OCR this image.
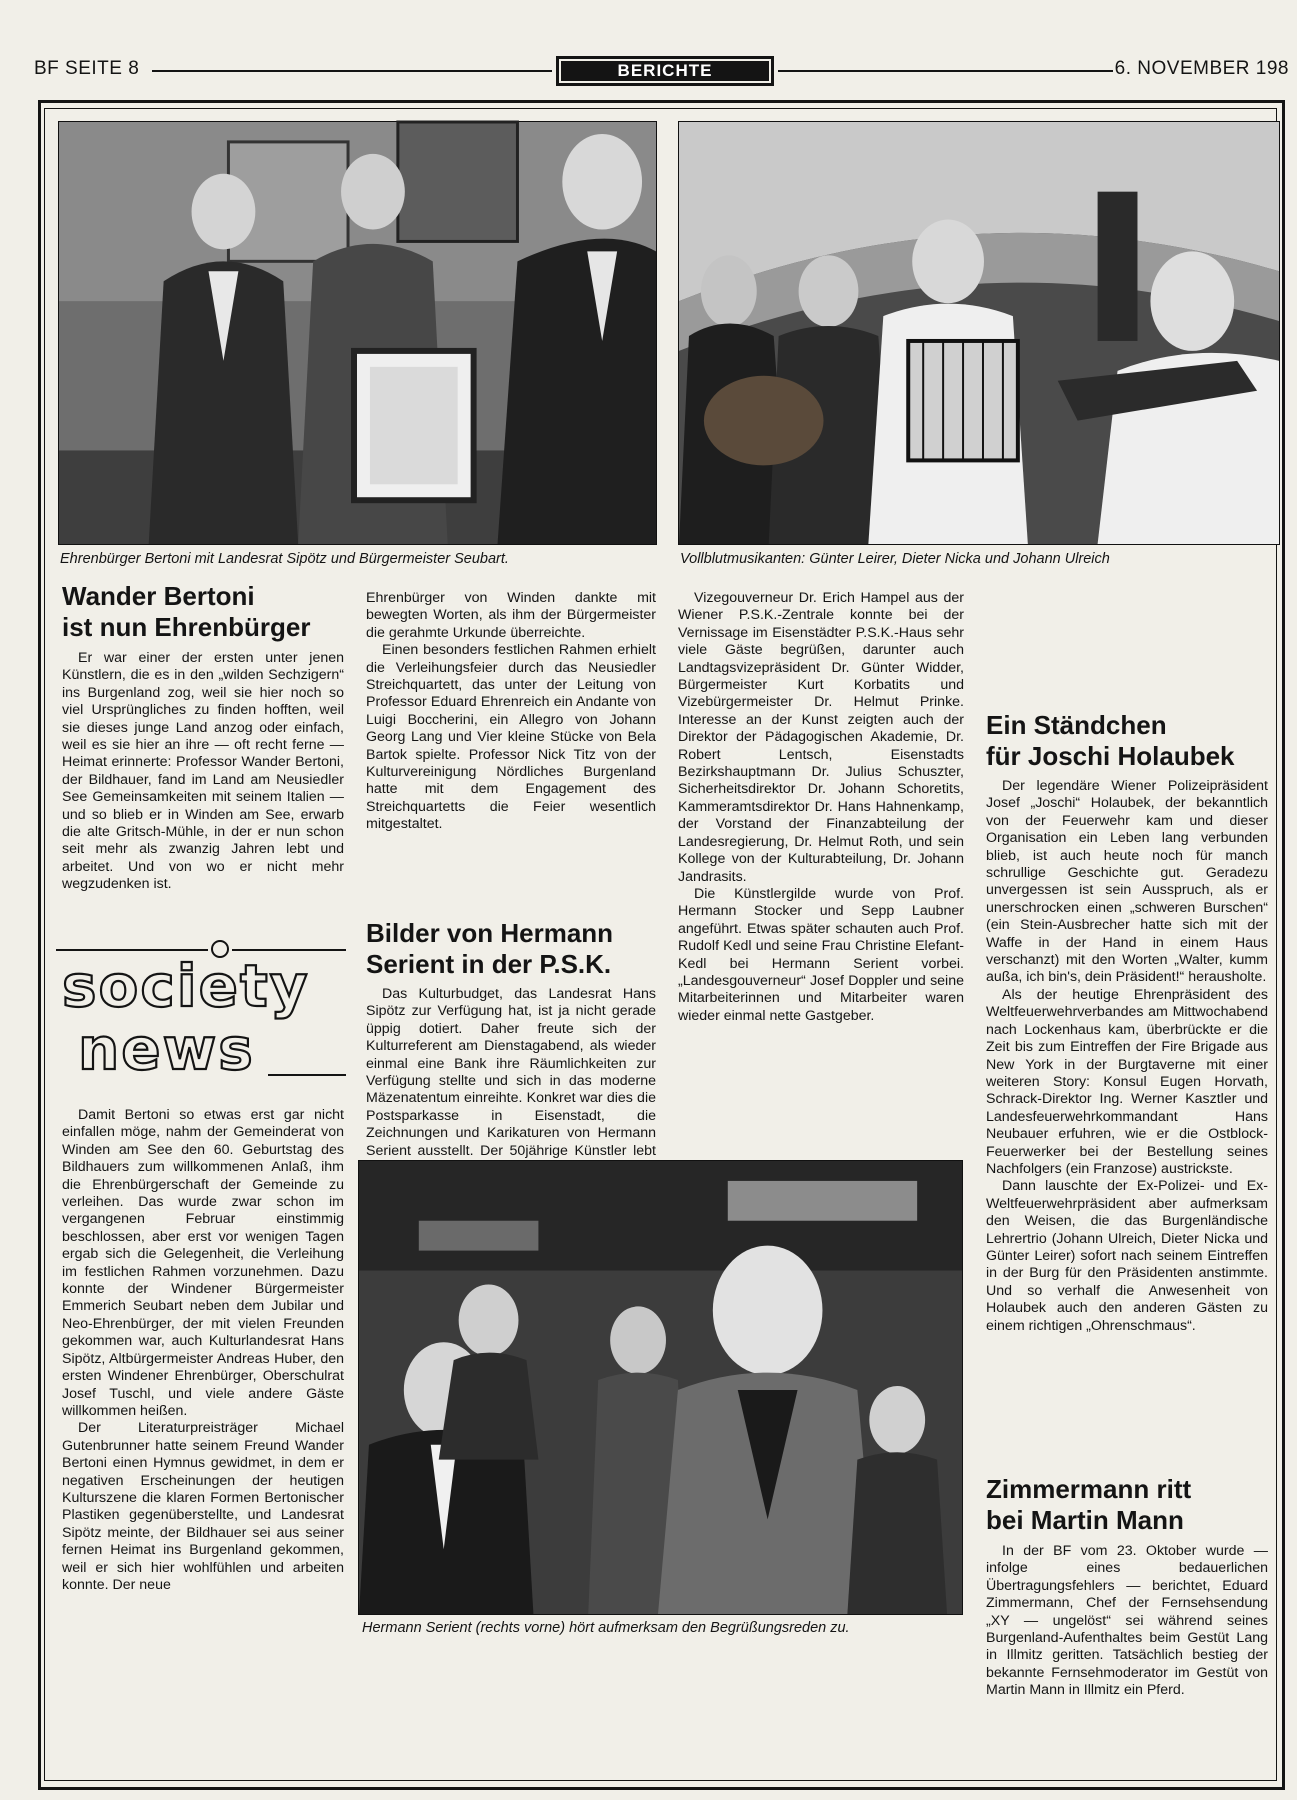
BF SEITE 8	BERICHTE	6. NOVEMBER 198
Ehrenbürger Bertoni mit Landesrat Sipötz und Bürgermeister Seubart.	Vollblutmusikanten: Günter Leirer, Dieter Nicka und Johann Ulreich
Wander Bertoni
ist nun Ehrenbürger

Er war einer der ersten unter jenen Künstlern, die es in den „wilden Sechzigern“ ins Burgenland zog, weil sie hier noch so viel Ursprüngliches zu finden hofften, weil sie dieses junge Land anzog oder einfach, weil es sie hier an ihre — oft recht ferne — Heimat erinnerte: Professor Wander Bertoni, der Bildhauer, fand im Land am Neusiedler See Gemeinsamkeiten mit seinem Italien — und so blieb er in Winden am See, erwarb die alte Gritsch-Mühle, in der er nun schon seit mehr als zwanzig Jahren lebt und arbeitet. Und von wo er nicht mehr wegzudenken ist.

society
news

Damit Bertoni so etwas erst gar nicht einfallen möge, nahm der Gemeinderat von Winden am See den 60. Geburtstag des Bildhauers zum willkommenen Anlaß, ihm die Ehrenbürgerschaft der Gemeinde zu verleihen. Das wurde zwar schon im vergangenen Februar einstimmig beschlossen, aber erst vor wenigen Tagen ergab sich die Gelegenheit, die Verleihung im festlichen Rahmen vorzunehmen. Dazu konnte der Windener Bürgermeister Emmerich Seubart neben dem Jubilar und Neo-Ehrenbürger, der mit vielen Freunden gekommen war, auch Kulturlandesrat Hans Sipötz, Altbürgermeister Andreas Huber, den ersten Windener Ehrenbürger, Oberschulrat Josef Tuschl, und viele andere Gäste willkommen heißen.

Der Literaturpreisträger Michael Gutenbrunner hatte seinem Freund Wander Bertoni einen Hymnus gewidmet, in dem er negativen Erscheinungen der heutigen Kulturszene die klaren Formen Bertonischer Plastiken gegenüberstellte, und Landesrat Sipötz meinte, der Bildhauer sei aus seiner fernen Heimat ins Burgenland gekommen, weil er sich hier wohlfühlen und arbeiten konnte. Der neue

Ehrenbürger von Winden dankte mit bewegten Worten, als ihm der Bürgermeister die gerahmte Urkunde überreichte.

Einen besonders festlichen Rahmen erhielt die Verleihungsfeier durch das Neusiedler Streichquartett, das unter der Leitung von Professor Eduard Ehrenreich ein Andante von Luigi Boccherini, ein Allegro von Johann Georg Lang und Vier kleine Stücke von Bela Bartok spielte. Professor Nick Titz von der Kulturvereinigung Nördliches Burgenland hatte mit dem Engagement des Streichquartetts die Feier wesentlich mitgestaltet.

Bilder von Hermann
Serient in der P.S.K.

Das Kulturbudget, das Landesrat Hans Sipötz zur Verfügung hat, ist ja nicht gerade üppig dotiert. Daher freute sich der Kulturreferent am Dienstagabend, als wieder einmal eine Bank ihre Räumlichkeiten zur Verfügung stellte und sich in das moderne Mäzenatentum einreihte. Konkret war dies die Postsparkasse in Eisenstadt, die Zeichnungen und Karikaturen von Hermann Serient ausstellt. Der 50jährige Künstler lebt

Vizegouverneur Dr. Erich Hampel aus der Wiener P.S.K.-Zentrale konnte bei der Vernissage im Eisenstädter P.S.K.-Haus sehr viele Gäste begrüßen, darunter auch Landtagsvizepräsident Dr. Günter Widder, Bürgermeister Kurt Korbatits und Vizebürgermeister Dr. Helmut Prinke. Interesse an der Kunst zeigten auch der Direktor der Pädagogischen Akademie, Dr. Robert Lentsch, Eisenstadts Bezirkshauptmann Dr. Julius Schuszter, Sicherheitsdirektor Dr. Johann Schoretits, Kammeramtsdirektor Dr. Hans Hahnenkamp, der Vorstand der Finanzabteilung der Landesregierung, Dr. Helmut Roth, und sein Kollege von der Kulturabteilung, Dr. Johann Jandrasits.

Die Künstlergilde wurde von Prof. Hermann Stocker und Sepp Laubner angeführt. Etwas später schauten auch Prof. Rudolf Kedl und seine Frau Christine Elefant-Kedl bei Hermann Serient vorbei. „Landesgouverneur“ Josef Doppler und seine Mitarbeiterinnen und Mitarbeiter waren wieder einmal nette Gastgeber.

Hermann Serient (rechts vorne) hört aufmerksam den Begrüßungsreden zu.
Ein Ständchen
für Joschi Holaubek

Der legendäre Wiener Polizeipräsident Josef „Joschi“ Holaubek, der bekanntlich von der Feuerwehr kam und dieser Organisation ein Leben lang verbunden blieb, ist auch heute noch für manch schrullige Geschichte gut. Geradezu unvergessen ist sein Ausspruch, als er unerschrocken einen „schweren Burschen“ (ein Stein-Ausbrecher hatte sich mit der Waffe in der Hand in einem Haus verschanzt) mit den Worten „Walter, kumm außa, ich bin's, dein Präsident!“ herausholte.

Als der heutige Ehrenpräsident des Weltfeuerwehrverbandes am Mittwochabend nach Lockenhaus kam, überbrückte er die Zeit bis zum Eintreffen der Fire Brigade aus New York in der Burgtaverne mit einer weiteren Story: Konsul Eugen Horvath, Schrack-Direktor Ing. Werner Kasztler und Landesfeuerwehrkommandant Hans Neubauer erfuhren, wie er die Ostblock-Feuerwerker bei der Bestellung seines Nachfolgers (ein Franzose) austrickste.

Dann lauschte der Ex-Polizei- und Ex-Weltfeuerwehrpräsident aber aufmerksam den Weisen, die das Burgenländische Lehrertrio (Johann Ulreich, Dieter Nicka und Günter Leirer) sofort nach seinem Eintreffen in der Burg für den Präsidenten anstimmte. Und so verhalf die Anwesenheit von Holaubek auch den anderen Gästen zu einem richtigen „Ohrenschmaus“.

Zimmermann ritt
bei Martin Mann

In der BF vom 23. Oktober wurde — infolge eines bedauerlichen Übertragungsfehlers — berichtet, Eduard Zimmermann, Chef der Fernsehsendung „XY — ungelöst“ sei während seines Burgenland-Aufenthaltes beim Gestüt Lang in Illmitz geritten. Tatsächlich bestieg der bekannte Fernsehmoderator im Gestüt von Martin Mann in Illmitz ein Pferd.
